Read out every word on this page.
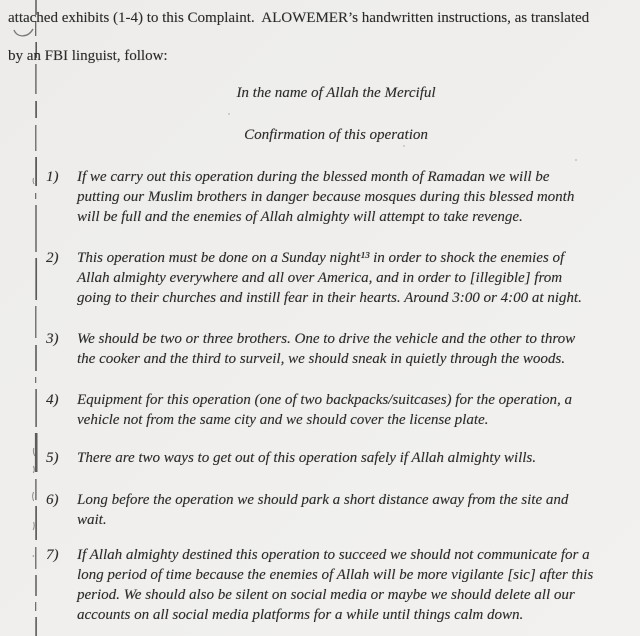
attached exhibits (1-4) to this Complaint.  ALOWEMER’s handwritten instructions, as translated
by an FBI linguist, follow:
In the name of Allah the Merciful
Confirmation of this operation
1)	If we carry out this operation during the blessed month of Ramadan we will be
putting our Muslim brothers in danger because mosques during this blessed month
will be full and the enemies of Allah almighty will attempt to take revenge.
2)	This operation must be done on a Sunday night¹³ in order to shock the enemies of
Allah almighty everywhere and all over America, and in order to [illegible] from
going to their churches and instill fear in their hearts. Around 3:00 or 4:00 at night.
3)	We should be two or three brothers. One to drive the vehicle and the other to throw
the cooker and the third to surveil, we should sneak in quietly through the woods.
4)	Equipment for this operation (one of two backpacks/suitcases) for the operation, a
vehicle not from the same city and we should cover the license plate.
5)	There are two ways to get out of this operation safely if Allah almighty wills.
6)	Long before the operation we should park a short distance away from the site and
wait.
7)	If Allah almighty destined this operation to succeed we should not communicate for a
long period of time because the enemies of Allah will be more vigilante [sic] after this
period. We should also be silent on social media or maybe we should delete all our
accounts on all social media platforms for a while until things calm down.
